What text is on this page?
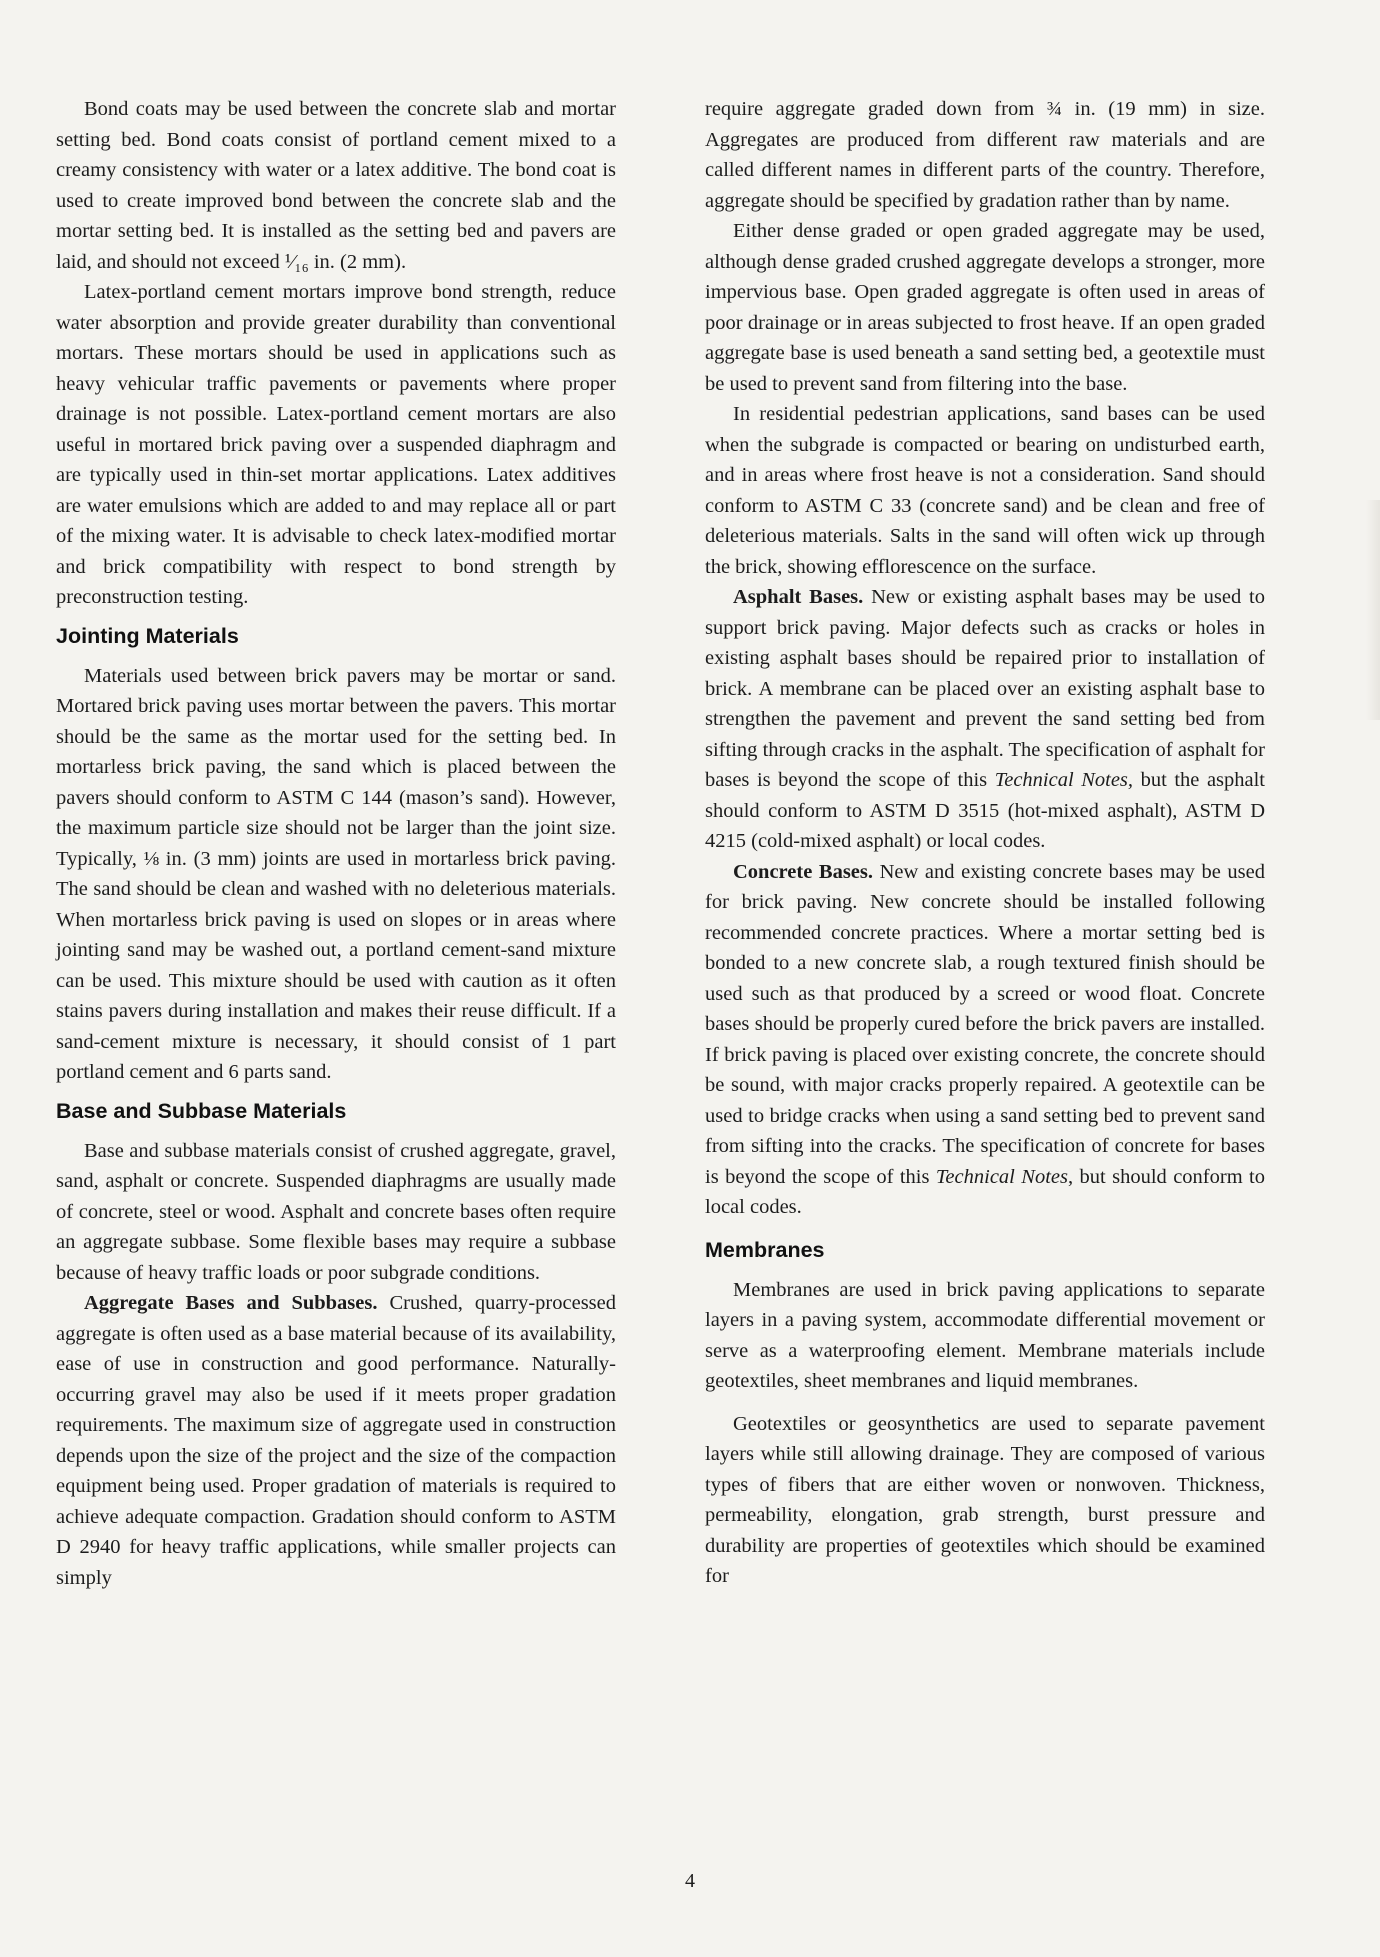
Bond coats may be used between the concrete slab and mortar setting bed. Bond coats consist of portland cement mixed to a creamy consistency with water or a latex additive. The bond coat is used to create improved bond between the concrete slab and the mortar setting bed. It is installed as the setting bed and pavers are laid, and should not exceed ¹⁄₁₆ in. (2 mm).

Latex-portland cement mortars improve bond strength, reduce water absorption and provide greater durability than conventional mortars. These mortars should be used in applications such as heavy vehicular traffic pavements or pavements where proper drainage is not possible. Latex-portland cement mortars are also useful in mortared brick paving over a suspended diaphragm and are typically used in thin-set mortar applications. Latex additives are water emulsions which are added to and may replace all or part of the mixing water. It is advisable to check latex-modified mortar and brick compatibility with respect to bond strength by preconstruction testing.

Jointing Materials

Materials used between brick pavers may be mortar or sand. Mortared brick paving uses mortar between the pavers. This mortar should be the same as the mortar used for the setting bed. In mortarless brick paving, the sand which is placed between the pavers should conform to ASTM C 144 (mason’s sand). However, the maximum particle size should not be larger than the joint size. Typically, ⅛ in. (3 mm) joints are used in mortarless brick paving. The sand should be clean and washed with no deleterious materials. When mortarless brick paving is used on slopes or in areas where jointing sand may be washed out, a portland cement-sand mixture can be used. This mixture should be used with caution as it often stains pavers during installation and makes their reuse difficult. If a sand-cement mixture is necessary, it should consist of 1 part portland cement and 6 parts sand.

Base and Subbase Materials

Base and subbase materials consist of crushed aggregate, gravel, sand, asphalt or concrete. Suspended diaphragms are usually made of concrete, steel or wood. Asphalt and concrete bases often require an aggregate subbase. Some flexible bases may require a subbase because of heavy traffic loads or poor subgrade conditions.

Aggregate Bases and Subbases. Crushed, quarry-processed aggregate is often used as a base material because of its availability, ease of use in construction and good performance. Naturally-occurring gravel may also be used if it meets proper gradation requirements. The maximum size of aggregate used in construction depends upon the size of the project and the size of the compaction equipment being used. Proper gradation of materials is required to achieve adequate compaction. Gradation should conform to ASTM D 2940 for heavy traffic applications, while smaller projects can simply

require aggregate graded down from ¾ in. (19 mm) in size. Aggregates are produced from different raw materials and are called different names in different parts of the country. Therefore, aggregate should be specified by gradation rather than by name.

Either dense graded or open graded aggregate may be used, although dense graded crushed aggregate develops a stronger, more impervious base. Open graded aggregate is often used in areas of poor drainage or in areas subjected to frost heave. If an open graded aggregate base is used beneath a sand setting bed, a geotextile must be used to prevent sand from filtering into the base.

In residential pedestrian applications, sand bases can be used when the subgrade is compacted or bearing on undisturbed earth, and in areas where frost heave is not a consideration. Sand should conform to ASTM C 33 (concrete sand) and be clean and free of deleterious materials. Salts in the sand will often wick up through the brick, showing efflorescence on the surface.

Asphalt Bases. New or existing asphalt bases may be used to support brick paving. Major defects such as cracks or holes in existing asphalt bases should be repaired prior to installation of brick. A membrane can be placed over an existing asphalt base to strengthen the pavement and prevent the sand setting bed from sifting through cracks in the asphalt. The specification of asphalt for bases is beyond the scope of this Technical Notes, but the asphalt should conform to ASTM D 3515 (hot-mixed asphalt), ASTM D 4215 (cold-mixed asphalt) or local codes.

Concrete Bases. New and existing concrete bases may be used for brick paving. New concrete should be installed following recommended concrete practices. Where a mortar setting bed is bonded to a new concrete slab, a rough textured finish should be used such as that produced by a screed or wood float. Concrete bases should be properly cured before the brick pavers are installed. If brick paving is placed over existing concrete, the concrete should be sound, with major cracks properly repaired. A geotextile can be used to bridge cracks when using a sand setting bed to prevent sand from sifting into the cracks. The specification of concrete for bases is beyond the scope of this Technical Notes, but should conform to local codes.

Membranes

Membranes are used in brick paving applications to separate layers in a paving system, accommodate differential movement or serve as a waterproofing element. Membrane materials include geotextiles, sheet membranes and liquid membranes.

Geotextiles or geosynthetics are used to separate pavement layers while still allowing drainage. They are composed of various types of fibers that are either woven or nonwoven. Thickness, permeability, elongation, grab strength, burst pressure and durability are properties of geotextiles which should be examined for

4
